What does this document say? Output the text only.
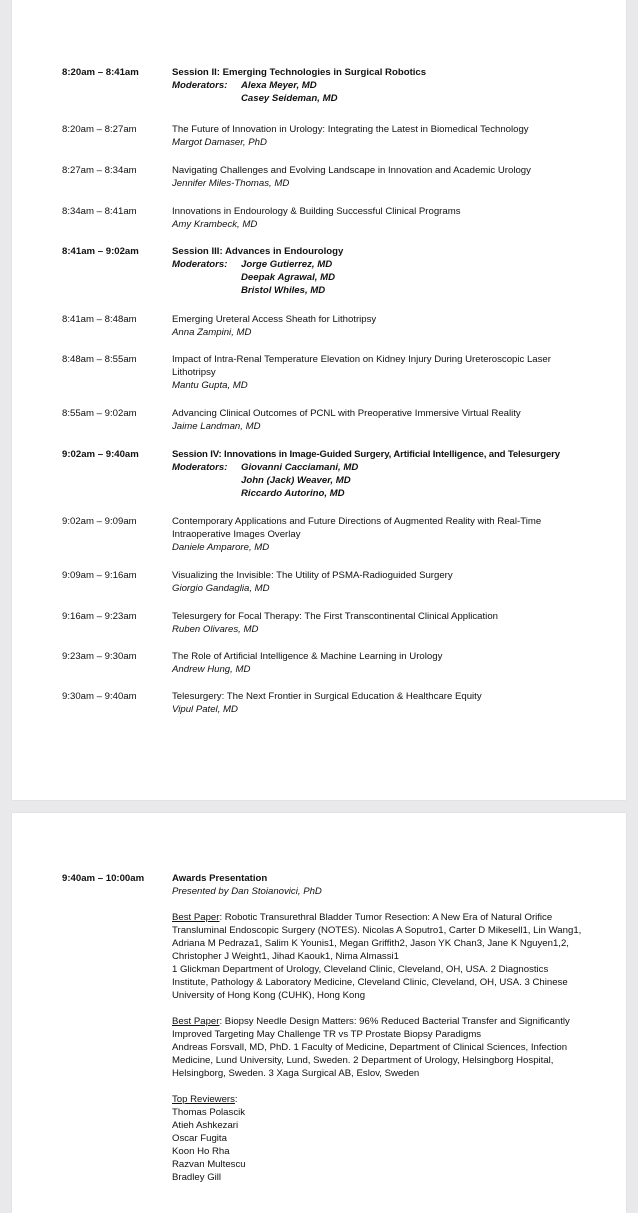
8:20am – 8:41am	Session II: Emerging Technologies in Surgical Robotics
Moderators:	Alexa Meyer, MD
Casey Seideman, MD
8:20am – 8:27am	The Future of Innovation in Urology: Integrating the Latest in Biomedical Technology
Margot Damaser, PhD
8:27am – 8:34am	Navigating Challenges and Evolving Landscape in Innovation and Academic Urology
Jennifer Miles-Thomas, MD
8:34am – 8:41am	Innovations in Endourology & Building Successful Clinical Programs
Amy Krambeck, MD
8:41am – 9:02am	Session III: Advances in Endourology
Moderators:	Jorge Gutierrez, MD
Deepak Agrawal, MD
Bristol Whiles, MD
8:41am – 8:48am	Emerging Ureteral Access Sheath for Lithotripsy
Anna Zampini, MD
8:48am – 8:55am	Impact of Intra-Renal Temperature Elevation on Kidney Injury During Ureteroscopic Laser Lithotripsy
Mantu Gupta, MD
8:55am – 9:02am	Advancing Clinical Outcomes of PCNL with Preoperative Immersive Virtual Reality
Jaime Landman, MD
9:02am – 9:40am	Session IV: Innovations in Image-Guided Surgery, Artificial Intelligence, and Telesurgery
Moderators:	Giovanni Cacciamani, MD
John (Jack) Weaver, MD
Riccardo Autorino, MD
9:02am – 9:09am	Contemporary Applications and Future Directions of Augmented Reality with Real-Time Intraoperative Images Overlay
Daniele Amparore, MD
9:09am – 9:16am	Visualizing the Invisible: The Utility of PSMA-Radioguided Surgery
Giorgio Gandaglia, MD
9:16am – 9:23am	Telesurgery for Focal Therapy: The First Transcontinental Clinical Application
Ruben Olivares, MD
9:23am – 9:30am	The Role of Artificial Intelligence & Machine Learning in Urology
Andrew Hung, MD
9:30am – 9:40am	Telesurgery: The Next Frontier in Surgical Education & Healthcare Equity
Vipul Patel, MD
9:40am – 10:00am	Awards Presentation
Presented by Dan Stoianovici, PhD
Best Paper: Robotic Transurethral Bladder Tumor Resection: A New Era of Natural Orifice Transluminal Endoscopic Surgery (NOTES). Nicolas A Soputro1, Carter D Mikesell1, Lin Wang1, Adriana M Pedraza1, Salim K Younis1, Megan Griffith2, Jason YK Chan3, Jane K Nguyen1,2, Christopher J Weight1, Jihad Kaouk1, Nima Almassi1
1 Glickman Department of Urology, Cleveland Clinic, Cleveland, OH, USA. 2 Diagnostics Institute, Pathology & Laboratory Medicine, Cleveland Clinic, Cleveland, OH, USA. 3 Chinese University of Hong Kong (CUHK), Hong Kong
Best Paper: Biopsy Needle Design Matters: 96% Reduced Bacterial Transfer and Significantly Improved Targeting May Challenge TR vs TP Prostate Biopsy Paradigms
Andreas Forsvall, MD, PhD. 1 Faculty of Medicine, Department of Clinical Sciences, Infection Medicine, Lund University, Lund, Sweden. 2 Department of Urology, Helsingborg Hospital, Helsingborg, Sweden. 3 Xaga Surgical AB, Eslov, Sweden
Top Reviewers:
Thomas Polascik
Atieh Ashkezari
Oscar Fugita
Koon Ho Rha
Razvan Multescu
Bradley Gill
